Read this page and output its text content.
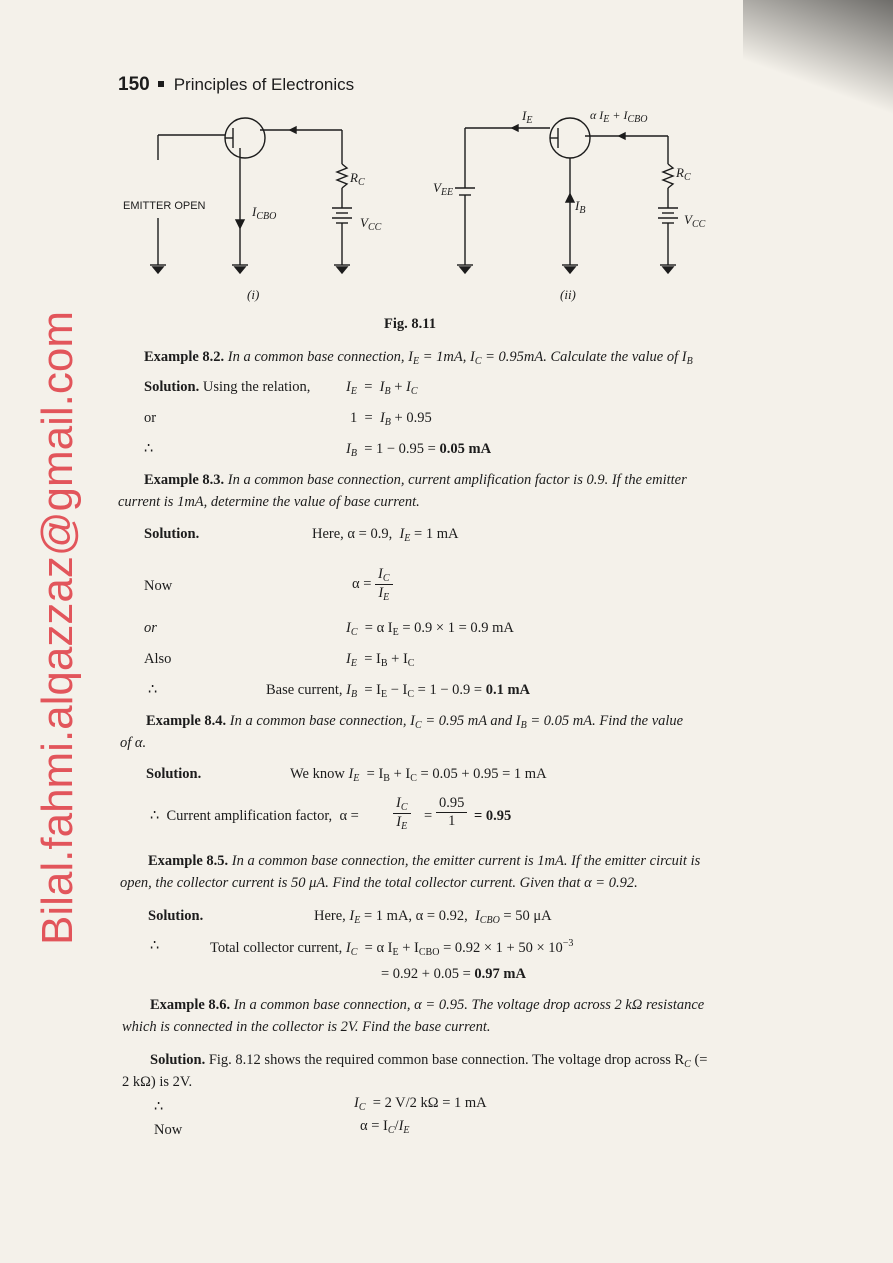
150 Principles of Electronics
Bilal.fahmi.alqazzaz@gmail.com
EMITTER OPEN	$I_{CBO}$
$R_C$
$V_{CC}$
(i)
$I_E$	α $I_E + I_{CBO}$
$V_{EE}$
$I_B$
$R_C$
$V_{CC}$
(ii)
Fig. 8.11
Example 8.2. In a common base connection, $I_E = 1mA$, $I_C = 0.95mA$. Calculate the value of $I_B$
Solution. Using the relation, $I_E = I_B + I_C$
or	$1 = I_B + 0.95$
∴	$I_B = 1 - 0.95 = 0.05$ mA
Example 8.3. In a common base connection, current amplification factor is 0.9. If the emitter
current is 1mA, determine the value of base current.
Solution.	Here, α = 0.9, $I_E = 1$ mA
Now	$\alpha = \frac{I_C}{I_E}$
or	$I_C = \alpha$ $I_E = 0.9 \times 1 = 0.9$ mA
Also	$I_E = I_B + I_C$
∴	Base current, $I_B = I_E - I_C = 1 - 0.9 = 0.1$ mA
Example 8.4. In a common base connection, $I_C = 0.95$ mA and $I_B = 0.05$ mA. Find the value
of α.
Solution.	We know $I_E = I_B + I_C = 0.05 + 0.95 = 1$ mA
∴ Current amplification factor, $\alpha = \frac{I_C}{I_E} = \frac{0.95}{1} = 0.95$
Example 8.5. In a common base connection, the emitter current is 1mA. If the emitter circuit is
open, the collector current is 50 μA. Find the total collector current. Given that α = 0.92.
Solution.	Here, $I_E = 1$ mA, α = 0.92, $I_{CBO} = 50$ μA
∴	Total collector current, $I_C = \alpha$ $I_E + I_{CBO} = 0.92 \times 1 + 50 \times 10^{-3}$
= 0.92 + 0.05 = 0.97 mA
Example 8.6. In a common base connection, α = 0.95. The voltage drop across 2 kΩ resistance
which is connected in the collector is 2V. Find the base current.
Solution. Fig. 8.12 shows the required common base connection. The voltage drop across $R_C$ (=
2 kΩ) is 2V.
∴	$I_C = 2$ V/2 kΩ = 1 mA
Now	$\alpha = I_C/I_E$
